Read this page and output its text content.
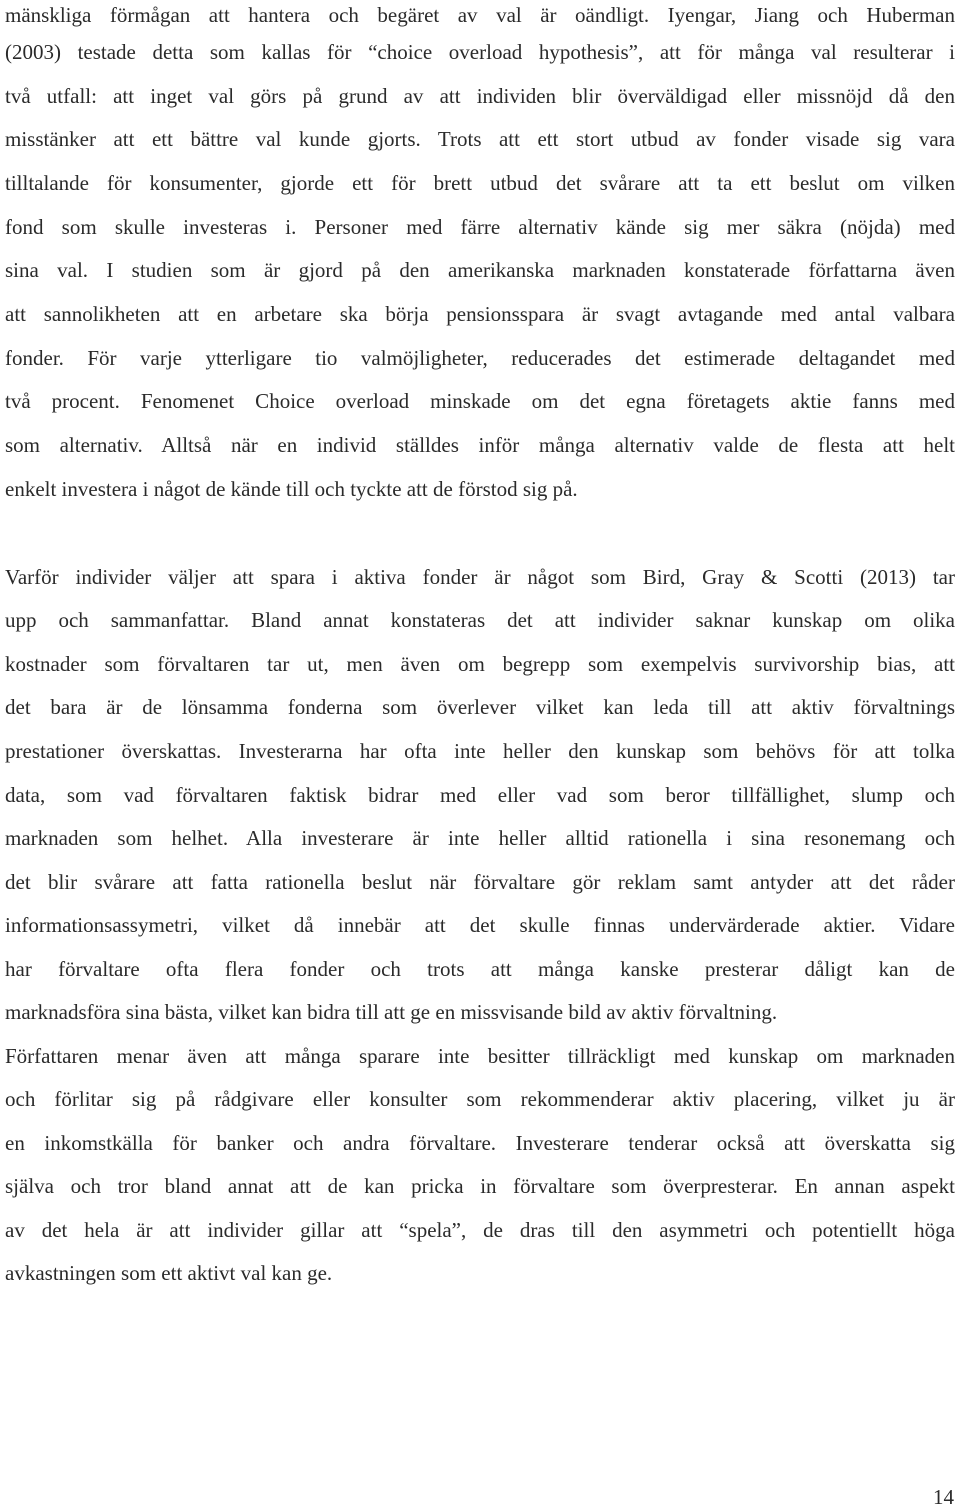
mänskliga förmågan att hantera och begäret av val är oändligt. Iyengar, Jiang och Huberman
(2003) testade detta som kallas för “choice overload hypothesis”, att för många val resulterar i
två utfall: att inget val görs på grund av att individen blir överväldigad eller missnöjd då den
misstänker att ett bättre val kunde gjorts. Trots att ett stort utbud av fonder visade sig vara
tilltalande för konsumenter, gjorde ett för brett utbud det svårare att ta ett beslut om vilken
fond som skulle investeras i. Personer med färre alternativ kände sig mer säkra (nöjda) med
sina val. I studien som är gjord på den amerikanska marknaden konstaterade författarna även
att sannolikheten att en arbetare ska börja pensionsspara är svagt avtagande med antal valbara
fonder. För varje ytterligare tio valmöjligheter, reducerades det estimerade deltagandet med
två procent. Fenomenet Choice overload minskade om det egna företagets aktie fanns med
som alternativ. Alltså när en individ ställdes inför många alternativ valde de flesta att helt
enkelt investera i något de kände till och tyckte att de förstod sig på.
Varför individer väljer att spara i aktiva fonder är något som Bird, Gray & Scotti (2013) tar
upp och sammanfattar. Bland annat konstateras det att individer saknar kunskap om olika
kostnader som förvaltaren tar ut, men även om begrepp som exempelvis survivorship bias, att
det bara är de lönsamma fonderna som överlever vilket kan leda till att aktiv förvaltnings
prestationer överskattas. Investerarna har ofta inte heller den kunskap som behövs för att tolka
data, som vad förvaltaren faktisk bidrar med eller vad som beror tillfällighet, slump och
marknaden som helhet. Alla investerare är inte heller alltid rationella i sina resonemang och
det blir svårare att fatta rationella beslut när förvaltare gör reklam samt antyder att det råder
informationsassymetri, vilket då innebär att det skulle finnas undervärderade aktier. Vidare
har förvaltare ofta flera fonder och trots att många kanske presterar dåligt kan de
marknadsföra sina bästa, vilket kan bidra till att ge en missvisande bild av aktiv förvaltning.
Författaren menar även att många sparare inte besitter tillräckligt med kunskap om marknaden
och förlitar sig på rådgivare eller konsulter som rekommenderar aktiv placering, vilket ju är
en inkomstkälla för banker och andra förvaltare. Investerare tenderar också att överskatta sig
själva och tror bland annat att de kan pricka in förvaltare som överpresterar. En annan aspekt
av det hela är att individer gillar att “spela”, de dras till den asymmetri och potentiellt höga
avkastningen som ett aktivt val kan ge.
14
